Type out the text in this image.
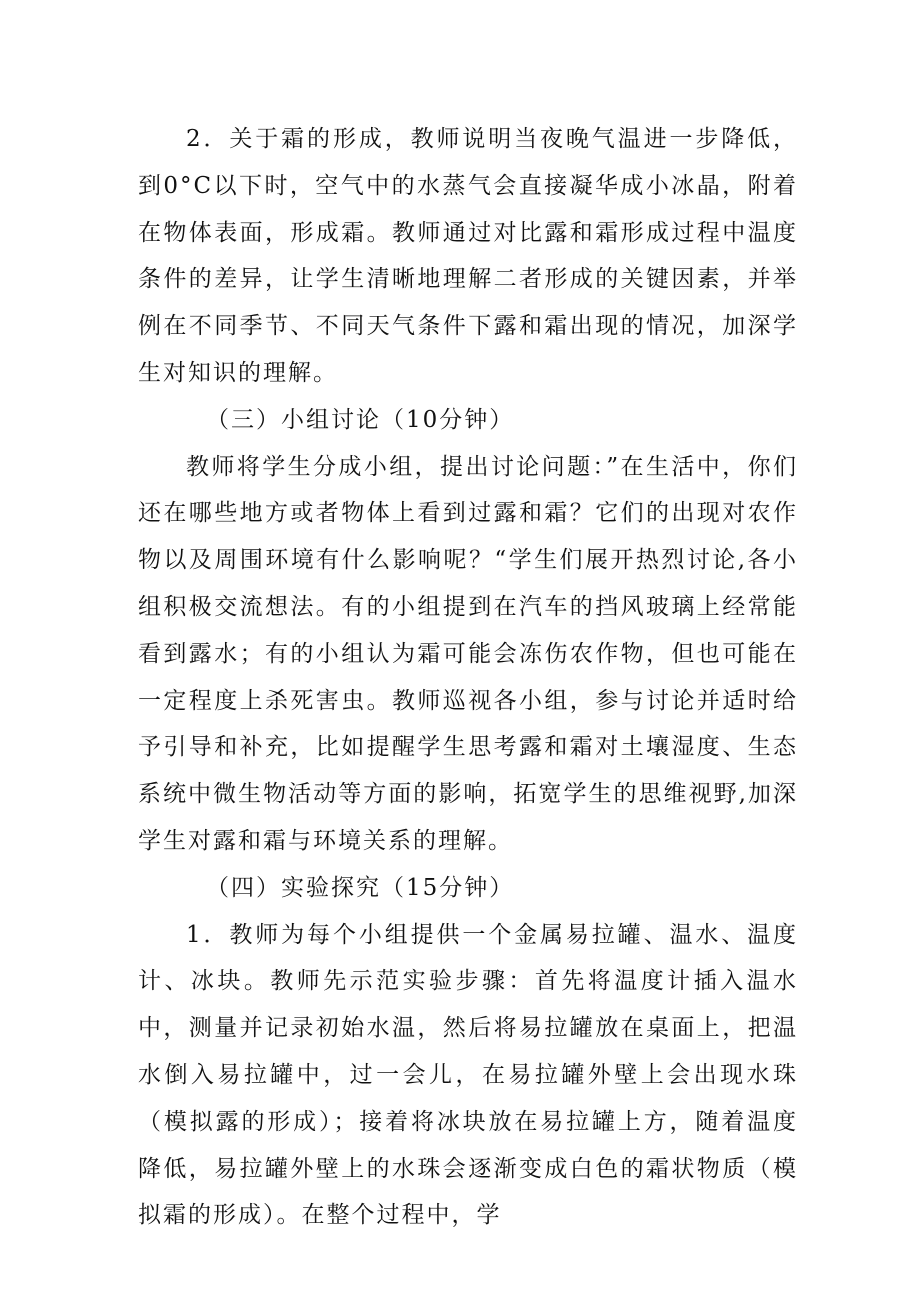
2．关于霜的形成，教师说明当夜晚气温进一步降低，到0°C以下时，空气中的水蒸气会直接凝华成小冰晶，附着在物体表面，形成霜。教师通过对比露和霜形成过程中温度条件的差异，让学生清晰地理解二者形成的关键因素，并举例在不同季节、不同天气条件下露和霜出现的情况，加深学生对知识的理解。

（三）小组讨论（10分钟）

教师将学生分成小组，提出讨论问题：”在生活中，你们还在哪些地方或者物体上看到过露和霜？它们的出现对农作物以及周围环境有什么影响呢？“学生们展开热烈讨论,各小组积极交流想法。有的小组提到在汽车的挡风玻璃上经常能看到露水；有的小组认为霜可能会冻伤农作物，但也可能在一定程度上杀死害虫。教师巡视各小组，参与讨论并适时给予引导和补充，比如提醒学生思考露和霜对土壤湿度、生态系统中微生物活动等方面的影响，拓宽学生的思维视野,加深学生对露和霜与环境关系的理解。

（四）实验探究（15分钟）

1．教师为每个小组提供一个金属易拉罐、温水、温度计、冰块。教师先示范实验步骤：首先将温度计插入温水中，测量并记录初始水温，然后将易拉罐放在桌面上，把温水倒入易拉罐中，过一会儿，在易拉罐外壁上会出现水珠（模拟露的形成）；接着将冰块放在易拉罐上方，随着温度降低，易拉罐外壁上的水珠会逐渐变成白色的霜状物质（模拟霜的形成）。在整个过程中，学
